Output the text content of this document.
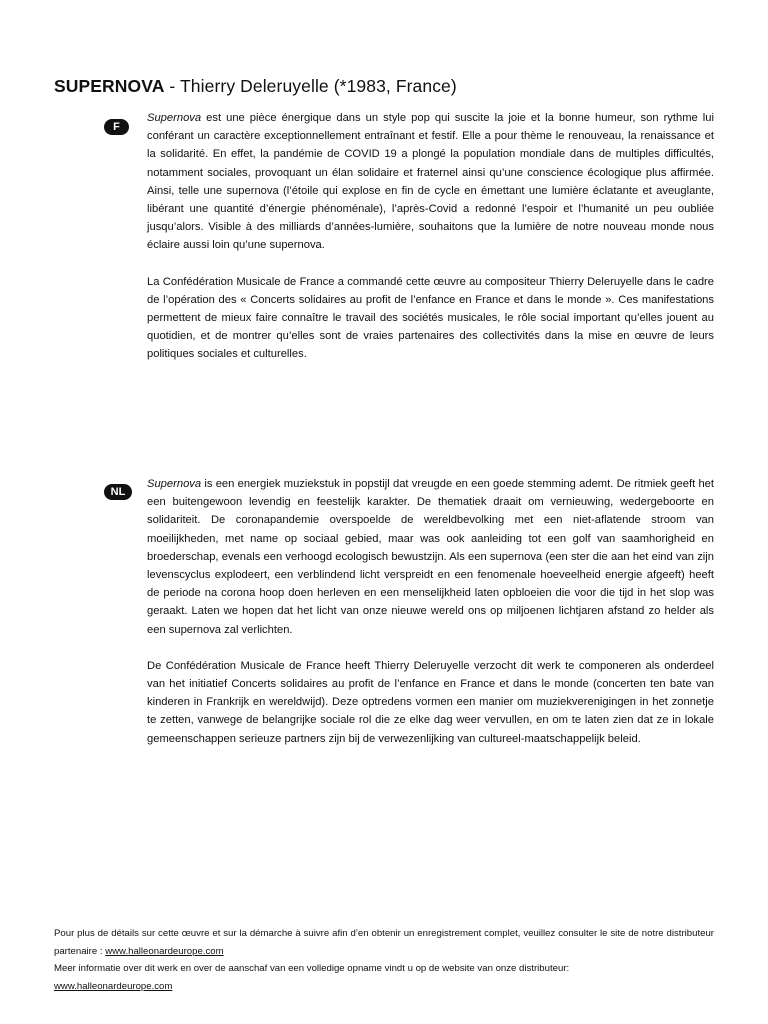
SUPERNOVA - Thierry Deleruyelle (*1983, France)
F

Supernova est une pièce énergique dans un style pop qui suscite la joie et la bonne humeur, son rythme lui conférant un caractère exceptionnellement entraînant et festif. Elle a pour thème le renouveau, la renaissance et la solidarité. En effet, la pandémie de COVID 19 a plongé la population mondiale dans de multiples difficultés, notamment sociales, provoquant un élan solidaire et fraternel ainsi qu’une conscience écologique plus affirmée. Ainsi, telle une supernova (l’étoile qui explose en fin de cycle en émettant une lumière éclatante et aveuglante, libérant une quantité d’énergie phénoménale), l’après-Covid a redonné l’espoir et l’humanité un peu oubliée jusqu’alors. Visible à des milliards d’années-lumière, souhaitons que la lumière de notre nouveau monde nous éclaire aussi loin qu’une supernova.

La Confédération Musicale de France a commandé cette œuvre au compositeur Thierry Deleruyelle dans le cadre de l’opération des « Concerts solidaires au profit de l’enfance en France et dans le monde ». Ces manifestations permettent de mieux faire connaître le travail des sociétés musicales, le rôle social important qu’elles jouent au quotidien, et de montrer qu’elles sont de vraies partenaires des collectivités dans la mise en œuvre de leurs politiques sociales et culturelles.

NL

Supernova is een energiek muziekstuk in popstijl dat vreugde en een goede stemming ademt. De ritmiek geeft het een buitengewoon levendig en feestelijk karakter. De thematiek draait om vernieuwing, wedergeboorte en solidariteit. De coronapandemie overspoelde de wereldbevolking met een niet-aflatende stroom van moeilijkheden, met name op sociaal gebied, maar was ook aanleiding tot een golf van saamhorigheid en broederschap, evenals een verhoogd ecologisch bewustzijn. Als een supernova (een ster die aan het eind van zijn levenscyclus explodeert, een verblindend licht verspreidt en een fenomenale hoeveelheid energie afgeeft) heeft de periode na corona hoop doen herleven en een menselijkheid laten opbloeien die voor die tijd in het slop was geraakt. Laten we hopen dat het licht van onze nieuwe wereld ons op miljoenen lichtjaren afstand zo helder als een supernova zal verlichten.

De Confédération Musicale de France heeft Thierry Deleruyelle verzocht dit werk te componeren als onderdeel van het initiatief Concerts solidaires au profit de l’enfance en France et dans le monde (concerten ten bate van kinderen in Frankrijk en wereldwijd). Deze optredens vormen een manier om muziekverenigingen in het zonnetje te zetten, vanwege de belangrijke sociale rol die ze elke dag weer vervullen, en om te laten zien dat ze in lokale gemeenschappen serieuze partners zijn bij de verwezenlijking van cultureel-maatschappelijk beleid.

Pour plus de détails sur cette œuvre et sur la démarche à suivre afin d’en obtenir un enregistrement complet, veuillez consulter le site de notre distributeur partenaire : www.halleonardeurope.com

Meer informatie over dit werk en over de aanschaf van een volledige opname vindt u op de website van onze distributeur:

www.halleonardeurope.com
